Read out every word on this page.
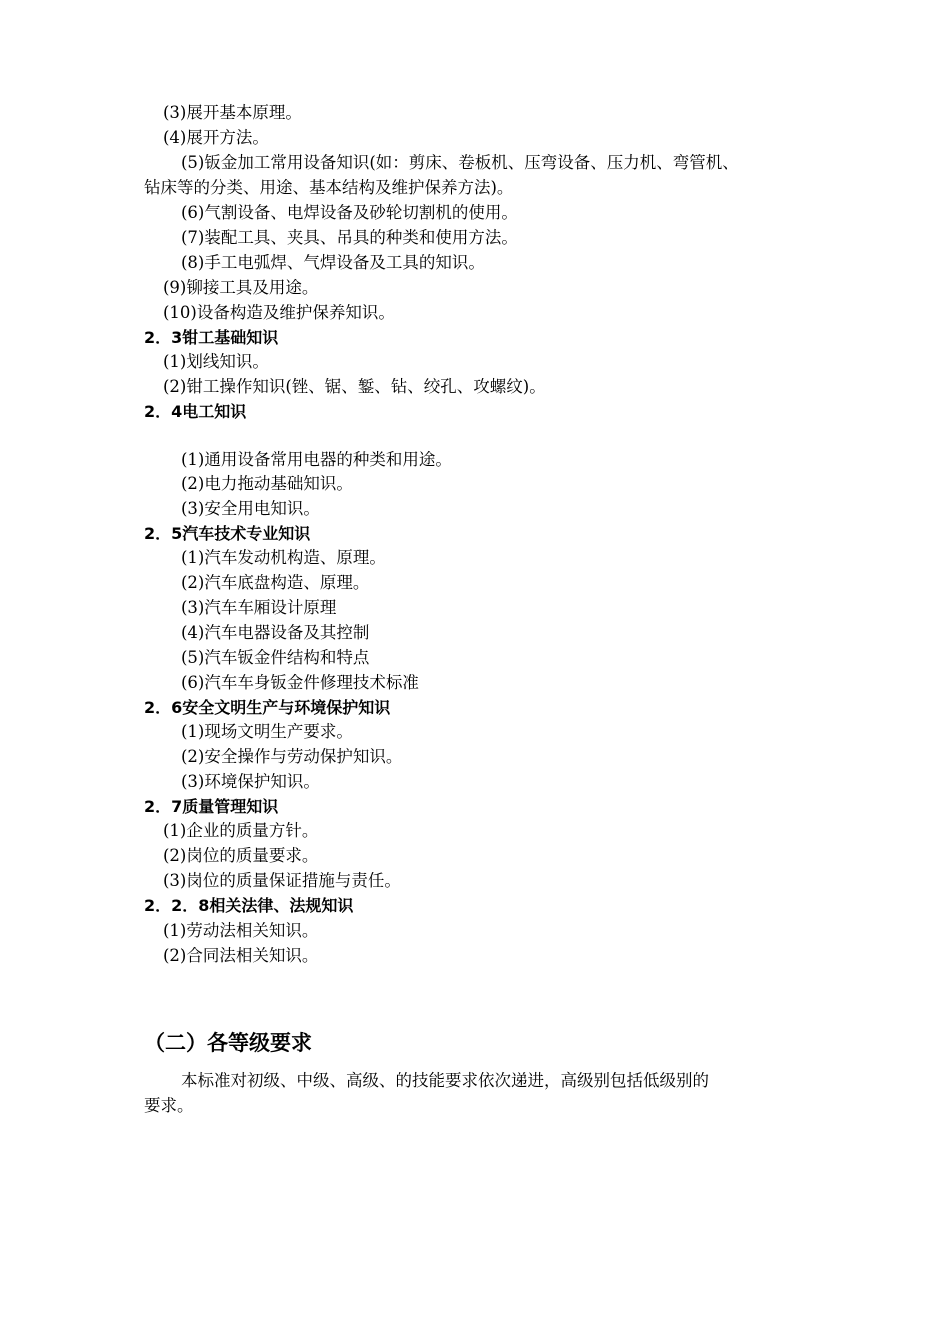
(3)展开基本原理。
(4)展开方法。
(5)钣金加工常用设备知识(如：剪床、卷板机、压弯设备、压力机、弯管机、
钻床等的分类、用途、基本结构及维护保养方法)。
(6)气割设备、电焊设备及砂轮切割机的使用。
(7)装配工具、夹具、吊具的种类和使用方法。
(8)手工电弧焊、气焊设备及工具的知识。
(9)铆接工具及用途。
(10)设备构造及维护保养知识。
2．3钳工基础知识
(1)划线知识。
(2)钳工操作知识(锉、锯、錾、钻、绞孔、攻螺纹)。
2．4电工知识
(1)通用设备常用电器的种类和用途。
(2)电力拖动基础知识。
(3)安全用电知识。
2．5汽车技术专业知识
(1)汽车发动机构造、原理。
(2)汽车底盘构造、原理。
(3)汽车车厢设计原理
(4)汽车电器设备及其控制
(5)汽车钣金件结构和特点
(6)汽车车身钣金件修理技术标准
2．6安全文明生产与环境保护知识
(1)现场文明生产要求。
(2)安全操作与劳动保护知识。
(3)环境保护知识。
2．7质量管理知识
(1)企业的质量方针。
(2)岗位的质量要求。
(3)岗位的质量保证措施与责任。
2．2．8相关法律、法规知识
(1)劳动法相关知识。
(2)合同法相关知识。
（二）各等级要求
本标准对初级、中级、高级、的技能要求依次递进，高级别包括低级别的
要求。
